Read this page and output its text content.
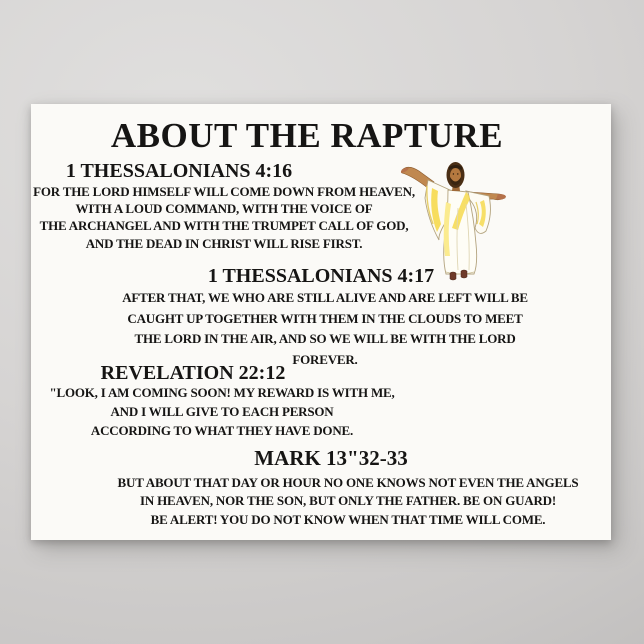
ABOUT THE RAPTURE
1 THESSALONIANS 4:16
FOR THE LORD HIMSELF WILL COME DOWN FROM HEAVEN,
WITH A LOUD COMMAND, WITH THE VOICE OF
THE ARCHANGEL AND WITH THE TRUMPET CALL OF GOD,
AND THE DEAD IN CHRIST WILL RISE FIRST.
1 THESSALONIANS 4:17
AFTER THAT, WE WHO ARE STILL ALIVE AND ARE LEFT WILL BE
CAUGHT UP TOGETHER WITH THEM IN THE CLOUDS TO MEET
THE LORD IN THE AIR, AND SO WE WILL BE WITH THE LORD
FOREVER.
REVELATION 22:12
"LOOK, I AM COMING SOON! MY REWARD IS WITH ME,
AND I WILL GIVE TO EACH PERSON
ACCORDING TO WHAT THEY HAVE DONE.
MARK 13"32-33
BUT ABOUT THAT DAY OR HOUR NO ONE KNOWS NOT EVEN THE ANGELS
IN HEAVEN, NOR THE SON, BUT ONLY THE FATHER. BE ON GUARD!
BE ALERT! YOU DO NOT KNOW WHEN THAT TIME WILL COME.
